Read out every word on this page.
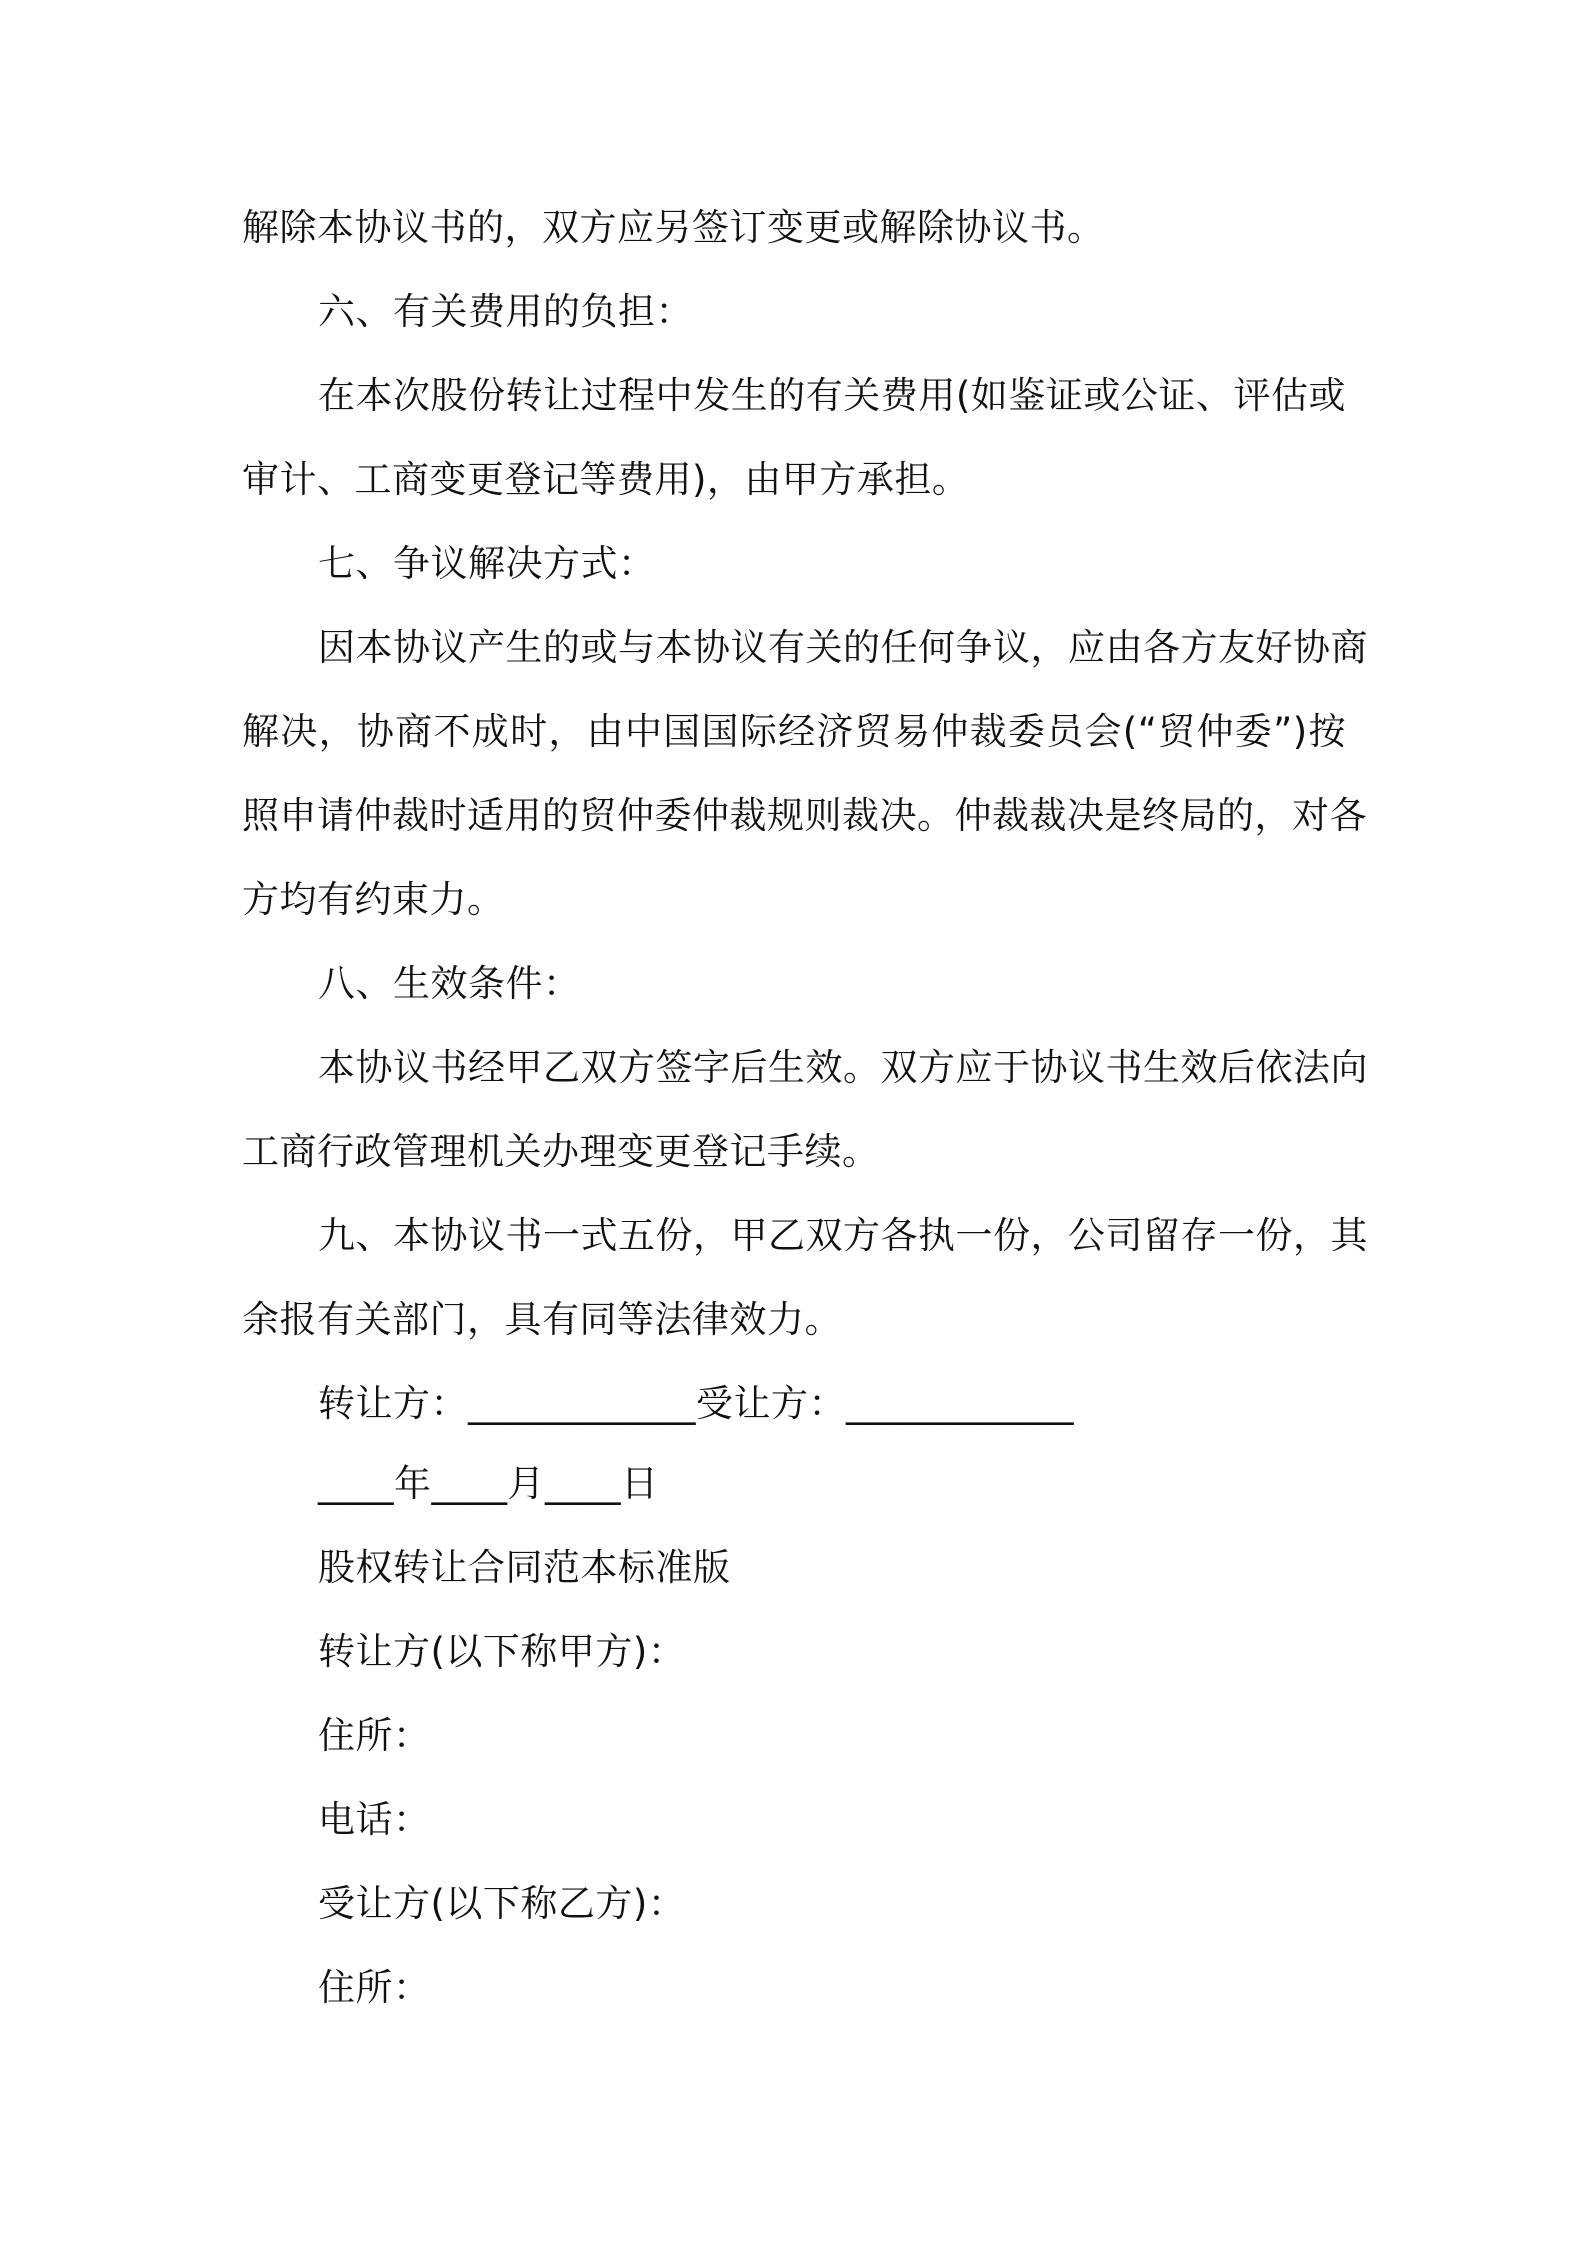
解除本协议书的，双方应另签订变更或解除协议书。
六、有关费用的负担：
在本次股份转让过程中发生的有关费用(如鉴证或公证、评估或
审计、工商变更登记等费用)，由甲方承担。
七、争议解决方式：
因本协议产生的或与本协议有关的任何争议，应由各方友好协商
解决，协商不成时，由中国国际经济贸易仲裁委员会(“贸仲委”)按
照申请仲裁时适用的贸仲委仲裁规则裁决。仲裁裁决是终局的，对各
方均有约束力。
八、生效条件：
本协议书经甲乙双方签字后生效。双方应于协议书生效后依法向
工商行政管理机关办理变更登记手续。
九、本协议书一式五份，甲乙双方各执一份，公司留存一份，其
余报有关部门，具有同等法律效力。
转让方：____________受让方：____________
____年____月____日
股权转让合同范本标准版
转让方(以下称甲方)：
住所：
电话：
受让方(以下称乙方)：
住所：
